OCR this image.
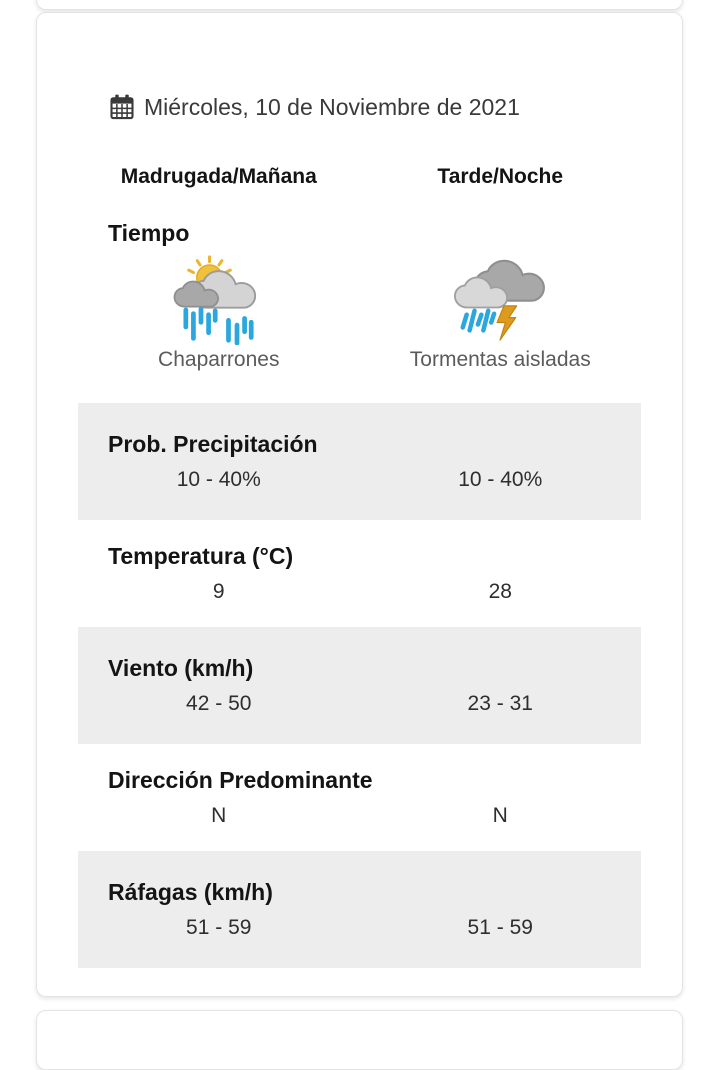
Miércoles, 10 de Noviembre de 2021
Madrugada/Mañana	Tarde/Noche
Tiempo
Chaparrones	Tormentas aisladas
Prob. Precipitación
10 - 40%	10 - 40%
Temperatura (°C)
9	28
Viento (km/h)
42 - 50	23 - 31
Dirección Predominante
N	N
Ráfagas (km/h)
51 - 59	51 - 59
